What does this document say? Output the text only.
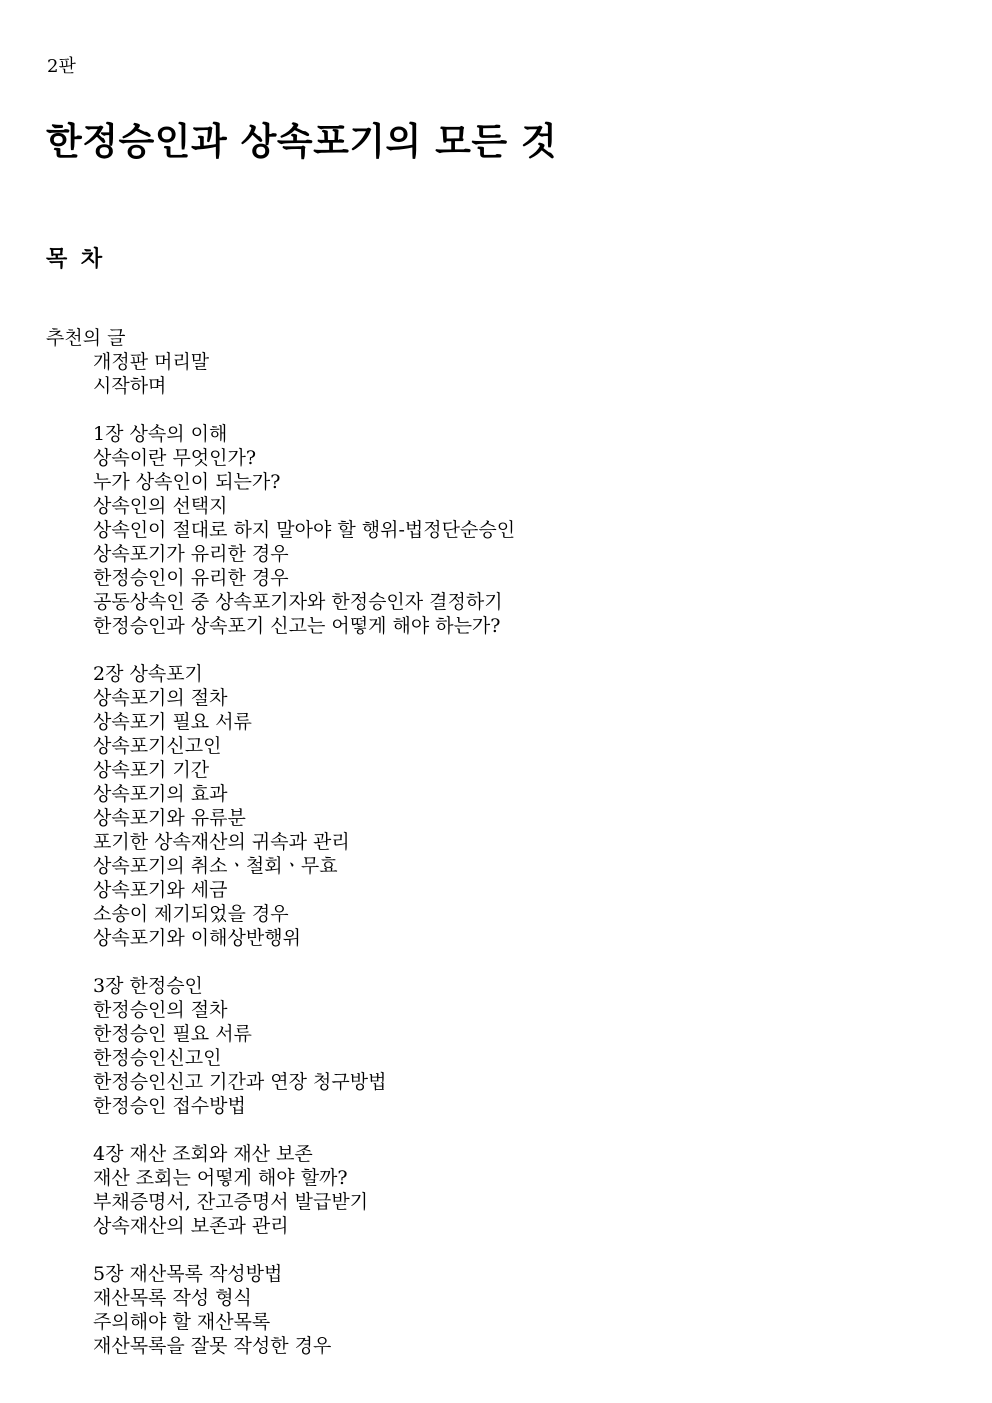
2판
한정승인과 상속포기의 모든 것
목 차
추천의 글
개정판 머리말
시작하며
1장 상속의 이해
상속이란 무엇인가?
누가 상속인이 되는가?
상속인의 선택지
상속인이 절대로 하지 말아야 할 행위-법정단순승인
상속포기가 유리한 경우
한정승인이 유리한 경우
공동상속인 중 상속포기자와 한정승인자 결정하기
한정승인과 상속포기 신고는 어떻게 해야 하는가?
2장 상속포기
상속포기의 절차
상속포기 필요 서류
상속포기신고인
상속포기 기간
상속포기의 효과
상속포기와 유류분
포기한 상속재산의 귀속과 관리
상속포기의 취소ㆍ철회ㆍ무효
상속포기와 세금
소송이 제기되었을 경우
상속포기와 이해상반행위
3장 한정승인
한정승인의 절차
한정승인 필요 서류
한정승인신고인
한정승인신고 기간과 연장 청구방법
한정승인 접수방법
4장 재산 조회와 재산 보존
재산 조회는 어떻게 해야 할까?
부채증명서, 잔고증명서 발급받기
상속재산의 보존과 관리
5장 재산목록 작성방법
재산목록 작성 형식
주의해야 할 재산목록
재산목록을 잘못 작성한 경우
